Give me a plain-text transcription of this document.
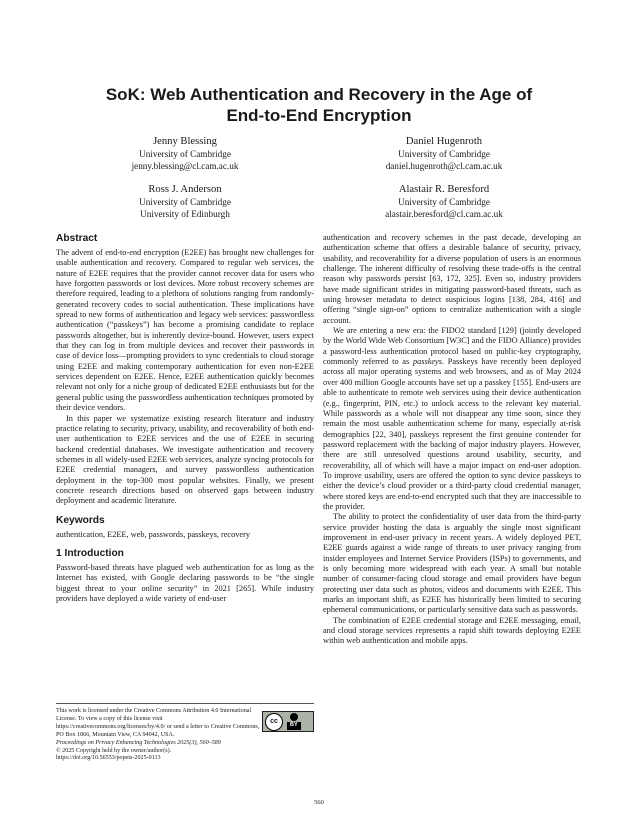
SoK: Web Authentication and Recovery in the Age of
End-to-End Encryption
Jenny Blessing
University of Cambridge
jenny.blessing@cl.cam.ac.uk
Daniel Hugenroth
University of Cambridge
daniel.hugenroth@cl.cam.ac.uk
Ross J. Anderson
University of Cambridge
University of Edinburgh
Alastair R. Beresford
University of Cambridge
alastair.beresford@cl.cam.ac.uk
Abstract

The advent of end-to-end encryption (E2EE) has brought new challenges for usable authentication and recovery. Compared to regular web services, the nature of E2EE requires that the provider cannot recover data for users who have forgotten passwords or lost devices. More robust recovery schemes are therefore required, leading to a plethora of solutions ranging from randomly-generated recovery codes to social authentication. These implications have spread to new forms of authentication and legacy web services: passwordless authentication (“passkeys”) has become a promising candidate to replace passwords altogether, but is inherently device-bound. However, users expect that they can log in from multiple devices and recover their passwords in case of device loss—prompting providers to sync credentials to cloud storage using E2EE and making contemporary authentication for even non-E2EE services dependent on E2EE. Hence, E2EE authentication quickly becomes relevant not only for a niche group of dedicated E2EE enthusiasts but for the general public using the passwordless authentication techniques promoted by their device vendors.

In this paper we systematize existing research literature and industry practice relating to security, privacy, usability, and recoverability of both end-user authentication to E2EE services and the use of E2EE in securing backend credential databases. We investigate authentication and recovery schemes in all widely-used E2EE web services, analyze syncing protocols for E2EE credential managers, and survey passwordless authentication deployment in the top-300 most popular websites. Finally, we present concrete research directions based on observed gaps between industry deployment and academic literature.

Keywords

authentication, E2EE, web, passwords, passkeys, recovery

1 Introduction

Password-based threats have plagued web authentication for as long as the Internet has existed, with Google declaring passwords to be “the single biggest threat to your online security” in 2021 [265]. While industry providers have deployed a wide variety of end-user

This work is licensed under the Creative Commons Attribution 4.0 International License. To view a copy of this license visit https://creativecommons.org/licenses/by/4.0/ or send a letter to Creative Commons, PO Box 1866, Mountain View, CA 94042, USA.
Proceedings on Privacy Enhancing Technologies 2025(3), 560–589
© 2025 Copyright held by the owner/author(s).
https://doi.org/10.56553/popets-2025-0113
cc
BY

authentication and recovery schemes in the past decade, developing an authentication scheme that offers a desirable balance of security, privacy, usability, and recoverability for a diverse population of users is an enormous challenge. The inherent difficulty of resolving these trade-offs is the central reason why passwords persist [63, 172, 325]. Even so, industry providers have made significant strides in mitigating password-based threats, such as using browser metadata to detect suspicious logins [138, 284, 416] and offering “single sign-on” options to centralize authentication with a single account.

We are entering a new era: the FIDO2 standard [129] (jointly developed by the World Wide Web Consortium [W3C] and the FIDO Alliance) provides a password-less authentication protocol based on public-key cryptography, commonly referred to as passkeys. Passkeys have recently been deployed across all major operating systems and web browsers, and as of May 2024 over 400 million Google accounts have set up a passkey [155]. End-users are able to authenticate to remote web services using their device authentication (e.g., fingerprint, PIN, etc.) to unlock access to the relevant key material. While passwords as a whole will not disappear any time soon, since they remain the most usable authentication scheme for many, especially at-risk demographics [22, 340], passkeys represent the first genuine contender for password replacement with the backing of major industry players. However, there are still unresolved questions around usability, security, and recoverability, all of which will have a major impact on end-user adoption. To improve usability, users are offered the option to sync device passkeys to either the device’s cloud provider or a third-party cloud credential manager, where stored keys are end-to-end encrypted such that they are inaccessible to the provider.

The ability to protect the confidentiality of user data from the third-party service provider hosting the data is arguably the single most significant improvement in end-user privacy in recent years. A widely deployed PET, E2EE guards against a wide range of threats to user privacy ranging from insider employees and Internet Service Providers (ISPs) to governments, and is only becoming more widespread with each year. A small but notable number of consumer-facing cloud storage and email providers have begun protecting user data such as photos, videos and documents with E2EE. This marks an important shift, as E2EE has historically been limited to securing ephemeral communications, or particularly sensitive data such as passwords.

The combination of E2EE credential storage and E2EE messaging, email, and cloud storage services represents a rapid shift towards deploying E2EE within web authentication and mobile apps.

560
